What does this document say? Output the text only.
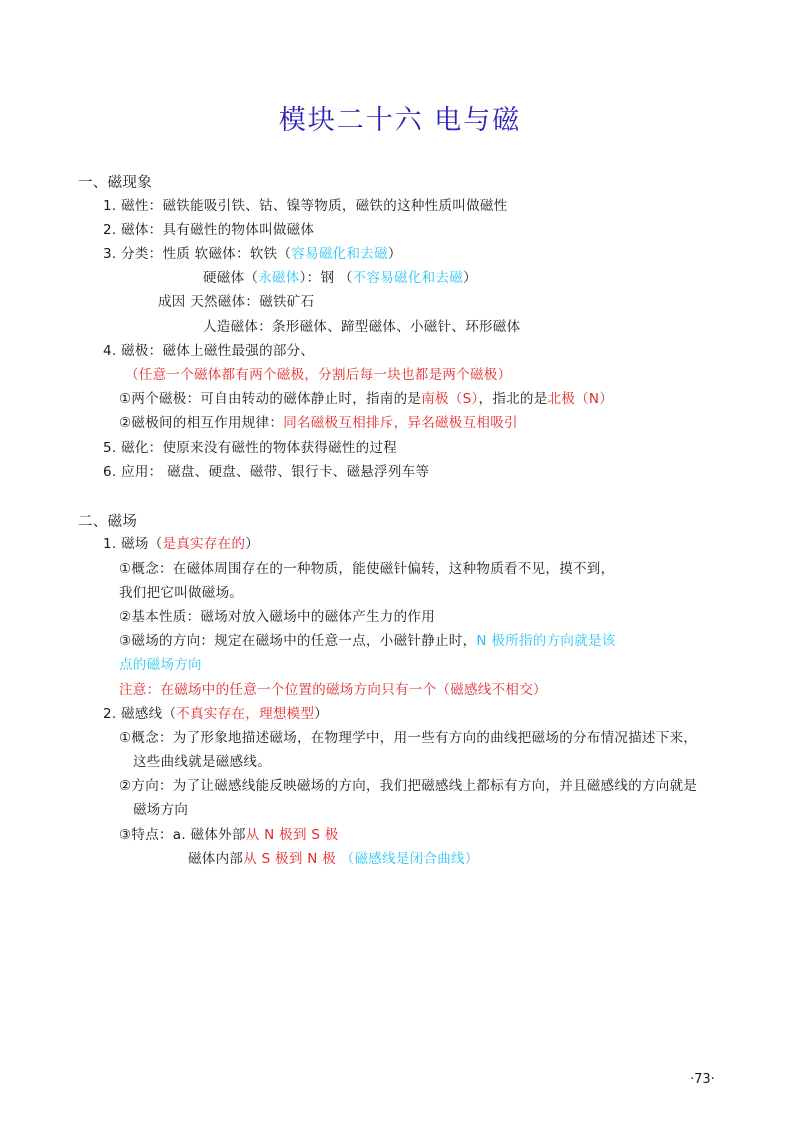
模块二十六 电与磁
一、磁现象
1. 磁性：磁铁能吸引铁、钴、镍等物质，磁铁的这种性质叫做磁性
2. 磁体：具有磁性的物体叫做磁体
3. 分类：性质 软磁体：软铁（容易磁化和去磁）
硬磁体（永磁体）：钢 （不容易磁化和去磁）
成因 天然磁体：磁铁矿石
人造磁体：条形磁体、蹄型磁体、小磁针、环形磁体
4. 磁极：磁体上磁性最强的部分、
（任意一个磁体都有两个磁极，分割后每一块也都是两个磁极）
①两个磁极：可自由转动的磁体静止时，指南的是南极（S），指北的是北极（N）
②磁极间的相互作用规律：同名磁极互相排斥，异名磁极互相吸引
5. 磁化：使原来没有磁性的物体获得磁性的过程
6. 应用： 磁盘、硬盘、磁带、银行卡、磁悬浮列车等
二、磁场
1. 磁场（是真实存在的）
①概念：在磁体周围存在的一种物质，能使磁针偏转，这种物质看不见，摸不到，
我们把它叫做磁场。
②基本性质：磁场对放入磁场中的磁体产生力的作用
③磁场的方向：规定在磁场中的任意一点，小磁针静止时，N 极所指的方向就是该
点的磁场方向
注意：在磁场中的任意一个位置的磁场方向只有一个（磁感线不相交）
2. 磁感线（不真实存在，理想模型）
①概念：为了形象地描述磁场，在物理学中，用一些有方向的曲线把磁场的分布情况描述下来，
这些曲线就是磁感线。
②方向：为了让磁感线能反映磁场的方向，我们把磁感线上都标有方向，并且磁感线的方向就是
磁场方向
③特点：a. 磁体外部从 N 极到 S 极
磁体内部从 S 极到 N 极 （磁感线是闭合曲线）
·73·
